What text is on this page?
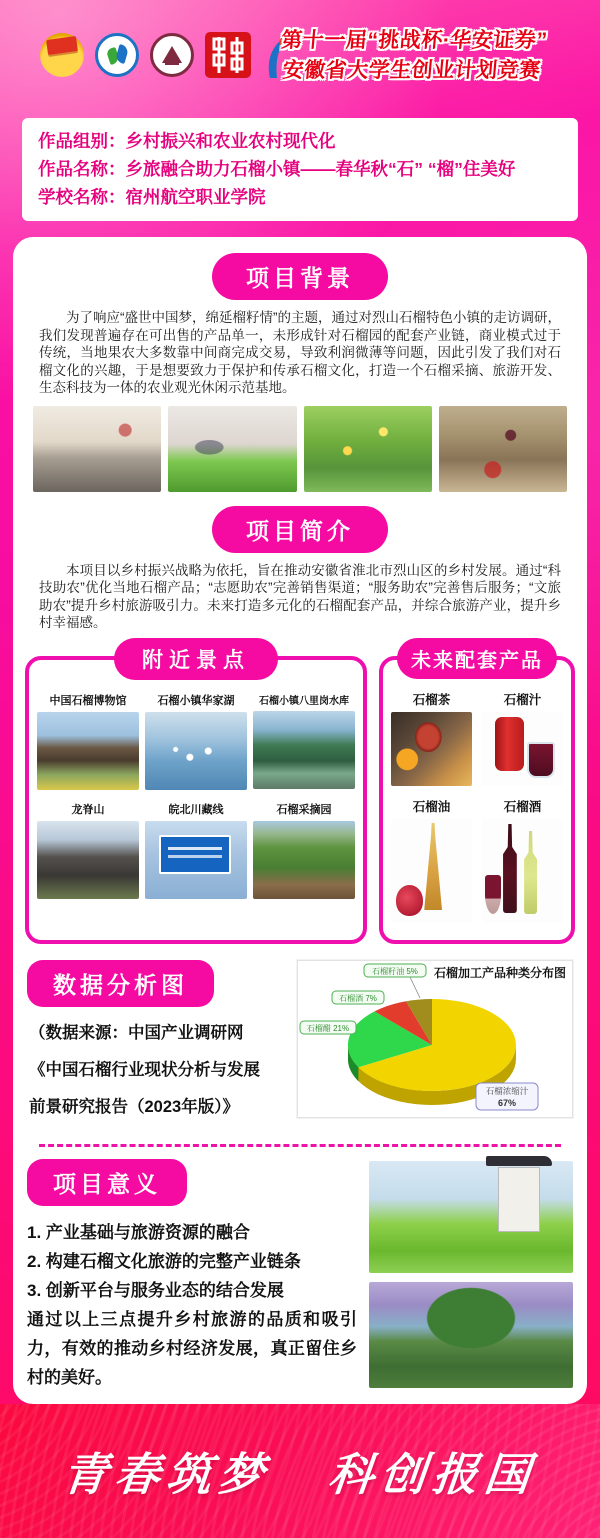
第十一届“挑战杯·华安证券”
安徽省大学生创业计划竞赛
作品组别：乡村振兴和农业农村现代化
作品名称：乡旅融合助力石榴小镇——春华秋“石” “榴”住美好
学校名称：宿州航空职业学院
项目背景
为了响应“盛世中国梦，绵延榴籽情”的主题，通过对烈山石榴特色小镇的走访调研，我们发现普遍存在可出售的产品单一，未形成针对石榴园的配套产业链，商业模式过于传统，当地果农大多数靠中间商完成交易，导致利润微薄等问题，因此引发了我们对石榴文化的兴趣，于是想要致力于保护和传承石榴文化，打造一个石榴采摘、旅游开发、生态科技为一体的农业观光休闲示范基地。
项目简介
本项目以乡村振兴战略为依托，旨在推动安徽省淮北市烈山区的乡村发展。通过“科技助农”优化当地石榴产品；“志愿助农”完善销售渠道；“服务助农”完善售后服务；“文旅助农”提升乡村旅游吸引力。未来打造多元化的石榴配套产品，并综合旅游产业，提升乡村幸福感。
附近景点
中国石榴博物馆	石榴小镇华家湖	石榴小镇八里岗水库
龙脊山	皖北川藏线	石榴采摘园
未来配套产品
石榴茶	石榴汁
石榴油	石榴酒
数据分析图
（数据来源：中国产业调研网
《中国石榴行业现状分析与发展
前景研究报告（2023年版）》
石榴加工产品种类分布图
石榴籽油 5%
石榴酒 7%
石榴醋 21%
石榴浓缩汁
67%
项目意义
1. 产业基础与旅游资源的融合
2. 构建石榴文化旅游的完整产业链条
3. 创新平台与服务业态的结合发展
通过以上三点提升乡村旅游的品质和吸引力，有效的推动乡村经济发展，真正留住乡村的美好。
青春筑梦 科创报国
